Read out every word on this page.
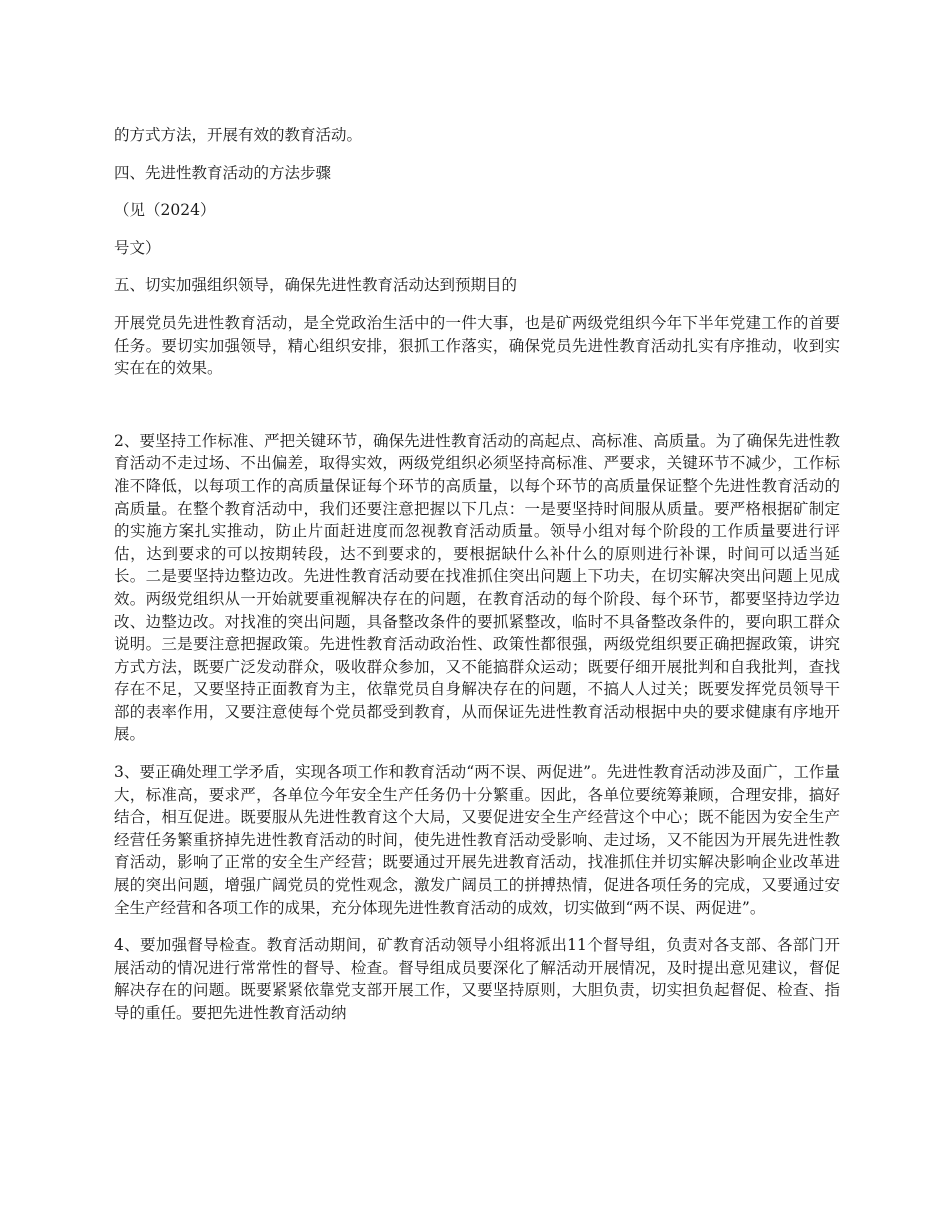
的方式方法，开展有效的教育活动。

四、先进性教育活动的方法步骤

（见（2024）

号文）

五、切实加强组织领导，确保先进性教育活动达到预期目的

开展党员先进性教育活动，是全党政治生活中的一件大事，也是矿两级党组织今年下半年党建工作的首要任务。要切实加强领导，精心组织安排，狠抓工作落实，确保党员先进性教育活动扎实有序推动，收到实实在在的效果。

2、要坚持工作标准、严把关键环节，确保先进性教育活动的高起点、高标准、高质量。为了确保先进性教育活动不走过场、不出偏差，取得实效，两级党组织必须坚持高标准、严要求，关键环节不减少，工作标准不降低，以每项工作的高质量保证每个环节的高质量，以每个环节的高质量保证整个先进性教育活动的高质量。在整个教育活动中，我们还要注意把握以下几点：一是要坚持时间服从质量。要严格根据矿制定的实施方案扎实推动，防止片面赶进度而忽视教育活动质量。领导小组对每个阶段的工作质量要进行评估，达到要求的可以按期转段，达不到要求的，要根据缺什么补什么的原则进行补课，时间可以适当延长。二是要坚持边整边改。先进性教育活动要在找准抓住突出问题上下功夫，在切实解决突出问题上见成效。两级党组织从一开始就要重视解决存在的问题，在教育活动的每个阶段、每个环节，都要坚持边学边改、边整边改。对找准的突出问题，具备整改条件的要抓紧整改，临时不具备整改条件的，要向职工群众说明。三是要注意把握政策。先进性教育活动政治性、政策性都很强，两级党组织要正确把握政策，讲究方式方法，既要广泛发动群众，吸收群众参加，又不能搞群众运动；既要仔细开展批判和自我批判，查找存在不足，又要坚持正面教育为主，依靠党员自身解决存在的问题，不搞人人过关；既要发挥党员领导干部的表率作用，又要注意使每个党员都受到教育，从而保证先进性教育活动根据中央的要求健康有序地开展。

3、要正确处理工学矛盾，实现各项工作和教育活动“两不误、两促进”。先进性教育活动涉及面广，工作量大，标准高，要求严，各单位今年安全生产任务仍十分繁重。因此，各单位要统筹兼顾，合理安排，搞好结合，相互促进。既要服从先进性教育这个大局，又要促进安全生产经营这个中心；既不能因为安全生产经营任务繁重挤掉先进性教育活动的时间，使先进性教育活动受影响、走过场，又不能因为开展先进性教育活动，影响了正常的安全生产经营；既要通过开展先进教育活动，找准抓住并切实解决影响企业改革进展的突出问题，增强广阔党员的党性观念，激发广阔员工的拼搏热情，促进各项任务的完成，又要通过安全生产经营和各项工作的成果，充分体现先进性教育活动的成效，切实做到“两不误、两促进”。

4、要加强督导检查。教育活动期间，矿教育活动领导小组将派出11个督导组，负责对各支部、各部门开展活动的情况进行常常性的督导、检查。督导组成员要深化了解活动开展情况，及时提出意见建议，督促解决存在的问题。既要紧紧依靠党支部开展工作，又要坚持原则，大胆负责，切实担负起督促、检查、指导的重任。要把先进性教育活动纳
